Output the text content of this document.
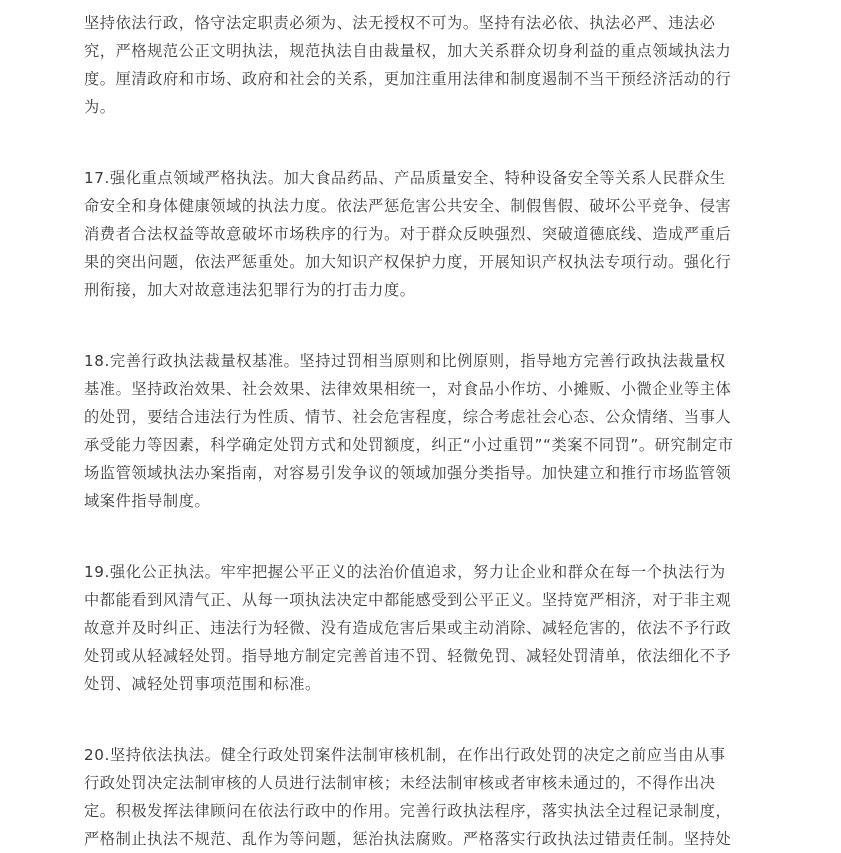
坚持依法行政，恪守法定职责必须为、法无授权不可为。坚持有法必依、执法必严、违法必
究，严格规范公正文明执法，规范执法自由裁量权，加大关系群众切身利益的重点领域执法力
度。厘清政府和市场、政府和社会的关系，更加注重用法律和制度遏制不当干预经济活动的行
为。
17.强化重点领域严格执法。加大食品药品、产品质量安全、特种设备安全等关系人民群众生
命安全和身体健康领域的执法力度。依法严惩危害公共安全、制假售假、破坏公平竞争、侵害
消费者合法权益等故意破坏市场秩序的行为。对于群众反映强烈、突破道德底线、造成严重后
果的突出问题，依法严惩重处。加大知识产权保护力度，开展知识产权执法专项行动。强化行
刑衔接，加大对故意违法犯罪行为的打击力度。
18.完善行政执法裁量权基准。坚持过罚相当原则和比例原则，指导地方完善行政执法裁量权
基准。坚持政治效果、社会效果、法律效果相统一，对食品小作坊、小摊贩、小微企业等主体
的处罚，要结合违法行为性质、情节、社会危害程度，综合考虑社会心态、公众情绪、当事人
承受能力等因素，科学确定处罚方式和处罚额度，纠正“小过重罚”“类案不同罚”。研究制定市
场监管领域执法办案指南，对容易引发争议的领域加强分类指导。加快建立和推行市场监管领
域案件指导制度。
19.强化公正执法。牢牢把握公平正义的法治价值追求，努力让企业和群众在每一个执法行为
中都能看到风清气正、从每一项执法决定中都能感受到公平正义。坚持宽严相济，对于非主观
故意并及时纠正、违法行为轻微、没有造成危害后果或主动消除、减轻危害的，依法不予行政
处罚或从轻减轻处罚。指导地方制定完善首违不罚、轻微免罚、减轻处罚清单，依法细化不予
处罚、减轻处罚事项范围和标准。
20.坚持依法执法。健全行政处罚案件法制审核机制，在作出行政处罚的决定之前应当由从事
行政处罚决定法制审核的人员进行法制审核；未经法制审核或者审核未通过的，不得作出决
定。积极发挥法律顾问在依法行政中的作用。完善行政执法程序，落实执法全过程记录制度，
严格制止执法不规范、乱作为等问题，惩治执法腐败。严格落实行政执法过错责任制。坚持处
